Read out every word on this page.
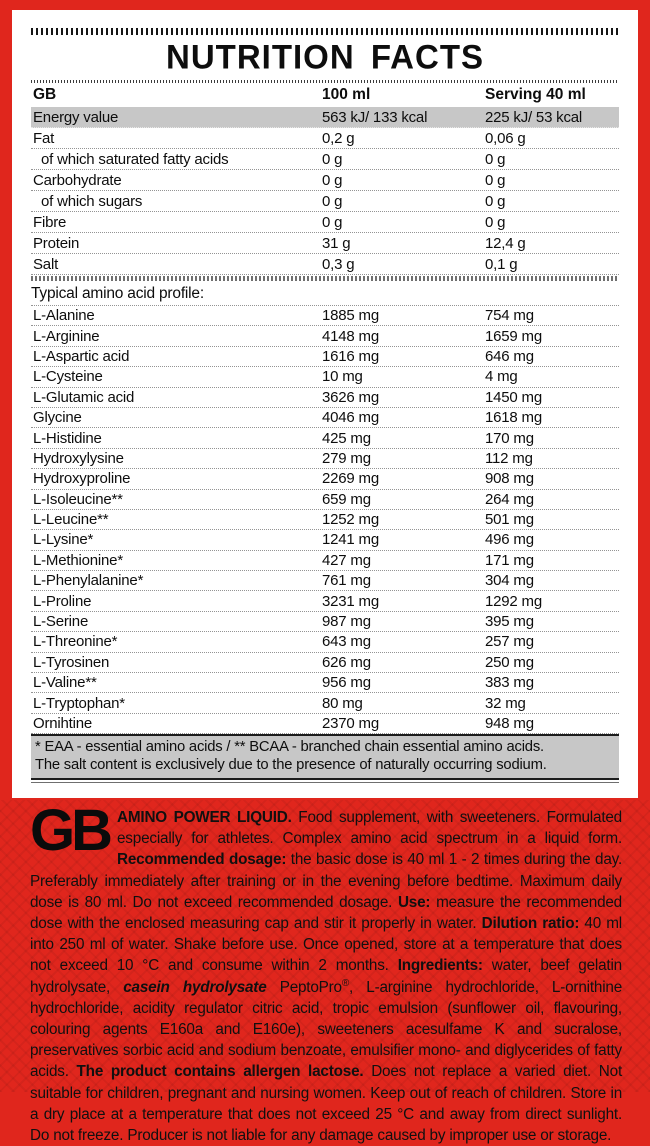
NUTRITION FACTS
GB	100 ml	Serving 40 ml
Energy value	563 kJ/ 133 kcal	225 kJ/ 53 kcal
Fat	0,2 g	0,06 g
of which saturated fatty acids	0 g	0 g
Carbohydrate	0 g	0 g
of which sugars	0 g	0 g
Fibre	0 g	0 g
Protein	31 g	12,4 g
Salt	0,3 g	0,1 g
Typical amino acid profile:
L-Alanine	1885 mg	754 mg
L-Arginine	4148 mg	1659 mg
L-Aspartic acid	1616 mg	646 mg
L-Cysteine	10 mg	4 mg
L-Glutamic acid	3626 mg	1450 mg
Glycine	4046 mg	1618 mg
L-Histidine	425 mg	170 mg
Hydroxylysine	279 mg	112 mg
Hydroxyproline	2269 mg	908 mg
L-Isoleucine**	659 mg	264 mg
L-Leucine**	1252 mg	501 mg
L-Lysine*	1241 mg	496 mg
L-Methionine*	427 mg	171 mg
L-Phenylalanine*	761 mg	304 mg
L-Proline	3231 mg	1292 mg
L-Serine	987 mg	395 mg
L-Threonine*	643 mg	257 mg
L-Tyrosinen	626 mg	250 mg
L-Valine**	956 mg	383 mg
L-Tryptophan*	80 mg	32 mg
Ornihtine	2370 mg	948 mg
* EAA - essential amino acids / ** BCAA - branched chain essential amino acids.
The salt content is exclusively due to the presence of naturally occurring sodium.
GB AMINO POWER LIQUID. Food supplement, with sweeteners. Formulated especially for athletes. Complex amino acid spectrum in a liquid form. Recommended dosage: the basic dose is 40 ml 1 - 2 times during the day. Preferably immediately after training or in the evening before bedtime. Maximum daily dose is 80 ml. Do not exceed recommended dosage. Use: measure the recommended dose with the enclosed measuring cap and stir it properly in water. Dilution ratio: 40 ml into 250 ml of water. Shake before use. Once opened, store at a temperature that does not exceed 10 °C and consume within 2 months. Ingredients: water, beef gelatin hydrolysate, casein hydrolysate PeptoPro®, L-arginine hydrochloride, L-ornithine hydrochloride, acidity regulator citric acid, tropic emulsion (sunflower oil, flavouring, colouring agents E160a and E160e), sweeteners acesulfame K and sucralose, preservatives sorbic acid and sodium benzoate, emulsifier mono- and diglycerides of fatty acids. The product contains allergen lactose. Does not replace a varied diet. Not suitable for children, pregnant and nursing women. Keep out of reach of children. Store in a dry place at a temperature that does not exceed 25 °C and away from direct sunlight. Do not freeze. Producer is not liable for any damage caused by improper use or storage.
